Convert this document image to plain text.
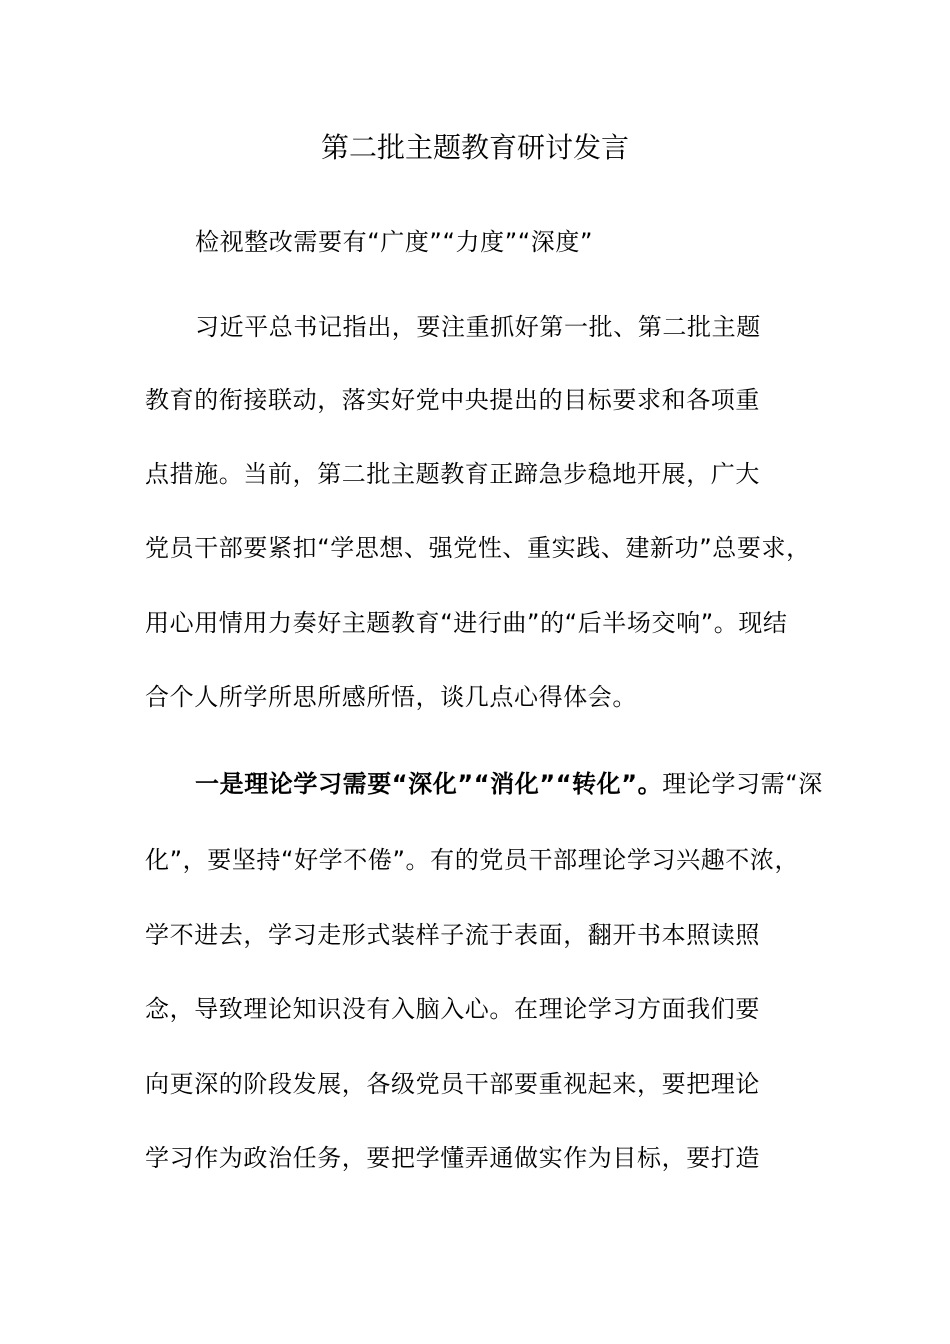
第二批主题教育研讨发言
检视整改需要有“广度”“力度”“深度”
习近平总书记指出，要注重抓好第一批、第二批主题
教育的衔接联动，落实好党中央提出的目标要求和各项重
点措施。当前，第二批主题教育正蹄急步稳地开展，广大
党员干部要紧扣“学思想、强党性、重实践、建新功”总要求，
用心用情用力奏好主题教育“进行曲”的“后半场交响”。现结
合个人所学所思所感所悟，谈几点心得体会。
一是理论学习需要“深化”“消化”“转化”。理论学习需“深
化”，要坚持“好学不倦”。有的党员干部理论学习兴趣不浓，
学不进去，学习走形式装样子流于表面，翻开书本照读照
念，导致理论知识没有入脑入心。在理论学习方面我们要
向更深的阶段发展，各级党员干部要重视起来，要把理论
学习作为政治任务，要把学懂弄通做实作为目标，要打造
